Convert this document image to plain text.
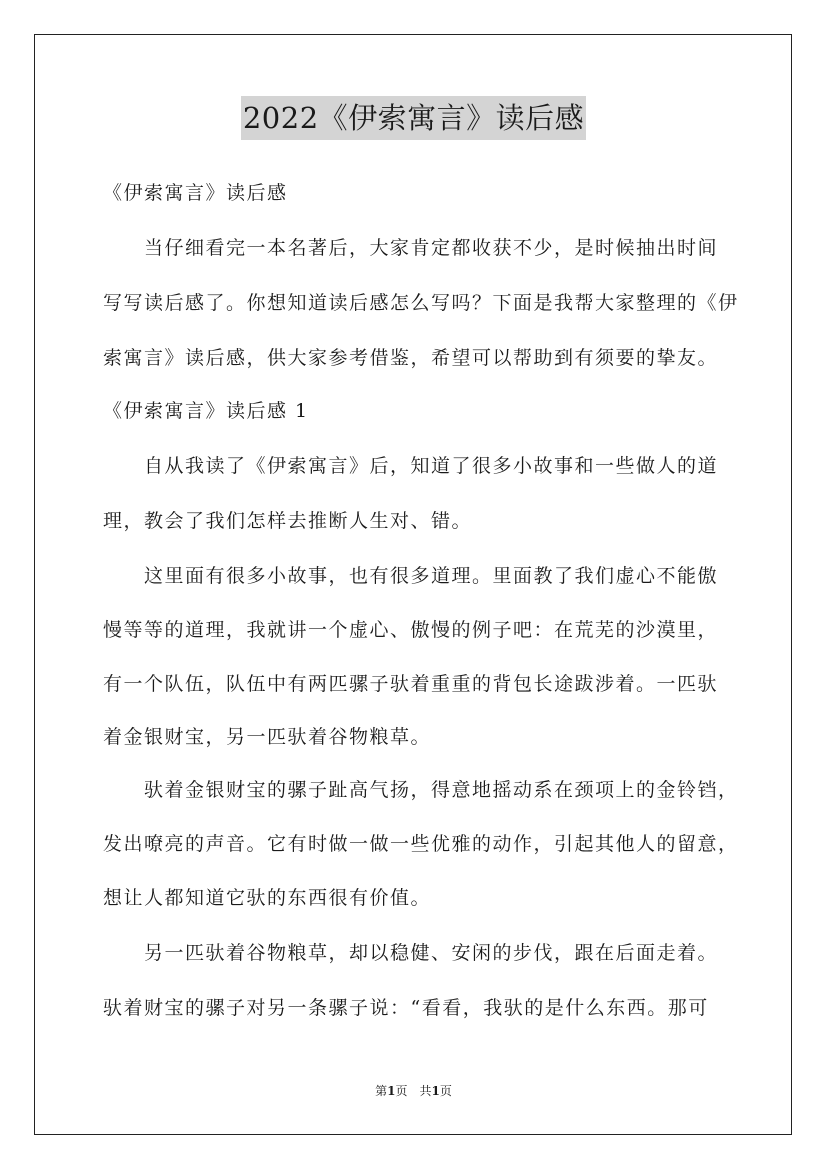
2022《伊索寓言》读后感
《伊索寓言》读后感
　　当仔细看完一本名著后，大家肯定都收获不少，是时候抽出时间
写写读后感了。你想知道读后感怎么写吗？下面是我帮大家整理的《伊
索寓言》读后感，供大家参考借鉴，希望可以帮助到有须要的挚友。
《伊索寓言》读后感 1
　　自从我读了《伊索寓言》后，知道了很多小故事和一些做人的道
理，教会了我们怎样去推断人生对、错。
　　这里面有很多小故事，也有很多道理。里面教了我们虚心不能傲
慢等等的道理，我就讲一个虚心、傲慢的例子吧：在荒芜的沙漠里，
有一个队伍，队伍中有两匹骡子驮着重重的背包长途跋涉着。一匹驮
着金银财宝，另一匹驮着谷物粮草。
　　驮着金银财宝的骡子趾高气扬，得意地摇动系在颈项上的金铃铛，
发出嘹亮的声音。它有时做一做一些优雅的动作，引起其他人的留意，
想让人都知道它驮的东西很有价值。
　　另一匹驮着谷物粮草，却以稳健、安闲的步伐，跟在后面走着。
驮着财宝的骡子对另一条骡子说：“看看，我驮的是什么东西。那可
第1页　共1页
